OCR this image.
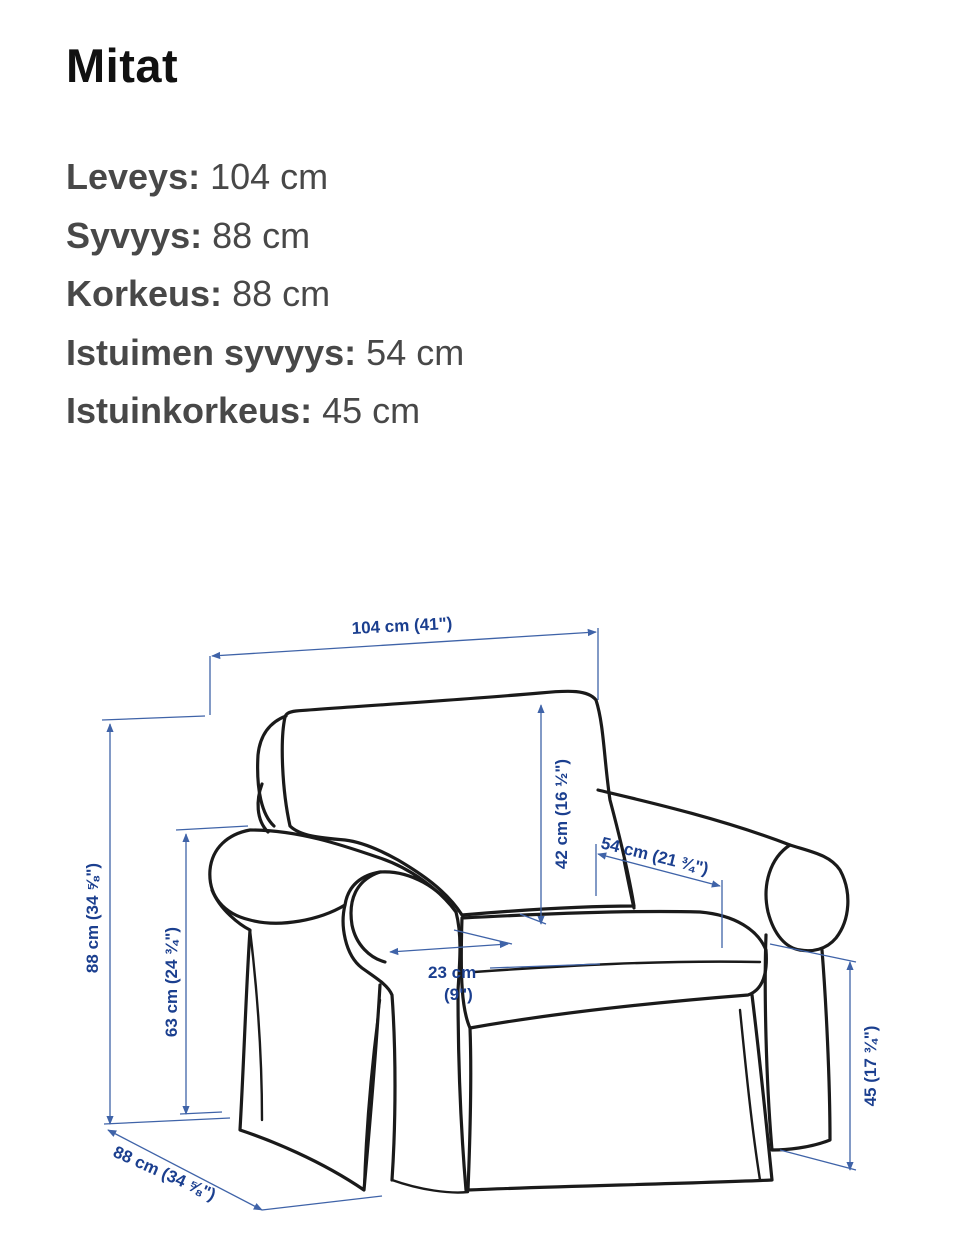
Mitat
Leveys: 104 cm
Syvyys: 88 cm
Korkeus: 88 cm
Istuimen syvyys: 54 cm
Istuinkorkeus: 45 cm
104 cm (41")
88 cm (34 ⅝")
63 cm (24 ¾")
42 cm (16 ½") 54 cm (21 ¾")
23 cm
(9")
45 (17 ¾")
88 cm (34 ⅝")
